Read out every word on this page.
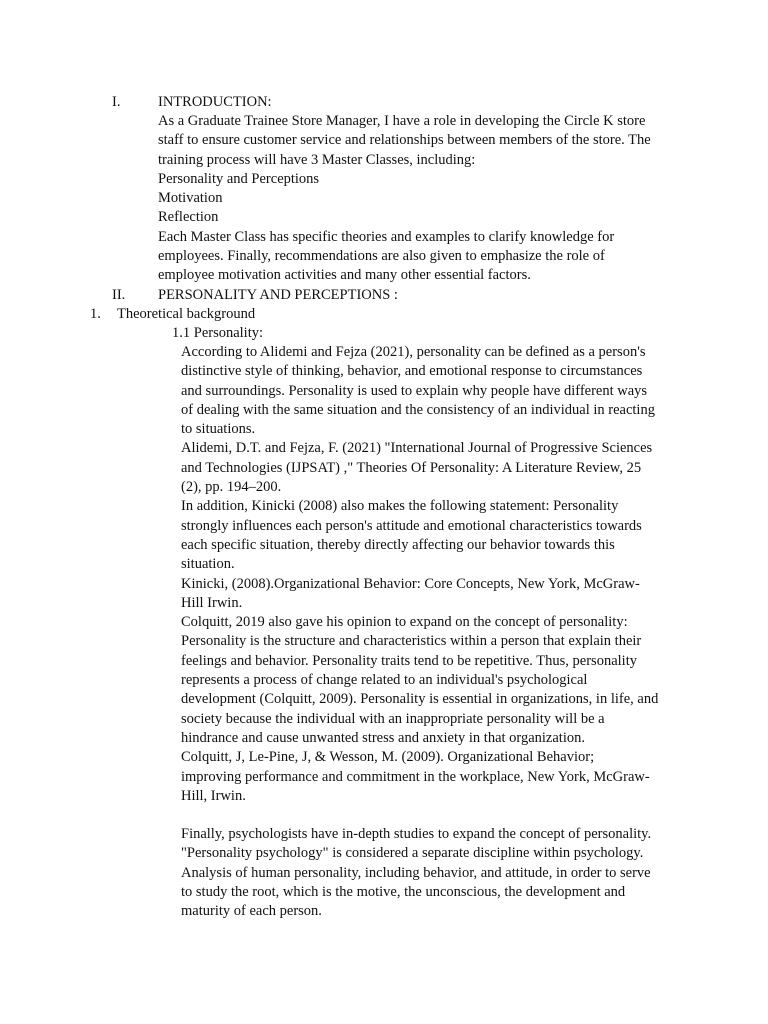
I.	INTRODUCTION:
As a Graduate Trainee Store Manager, I have a role in developing the Circle K store
staff to ensure customer service and relationships between members of the store. The
training process will have 3 Master Classes, including:
Personality and Perceptions
Motivation
Reflection
Each Master Class has specific theories and examples to clarify knowledge for
employees. Finally, recommendations are also given to emphasize the role of
employee motivation activities and many other essential factors.
II. PERSONALITY AND PERCEPTIONS :
1. Theoretical background
1.1 Personality:
According to Alidemi and Fejza (2021), personality can be defined as a person's
distinctive style of thinking, behavior, and emotional response to circumstances
and surroundings. Personality is used to explain why people have different ways
of dealing with the same situation and the consistency of an individual in reacting
to situations.
Alidemi, D.T. and Fejza, F. (2021) "International Journal of Progressive Sciences
and Technologies (IJPSAT) ," Theories Of Personality: A Literature Review, 25
(2), pp. 194–200.
In addition, Kinicki (2008) also makes the following statement: Personality
strongly influences each person's attitude and emotional characteristics towards
each specific situation, thereby directly affecting our behavior towards this
situation.
Kinicki, (2008).Organizational Behavior: Core Concepts, New York, McGraw-
Hill Irwin.
Colquitt, 2019 also gave his opinion to expand on the concept of personality:
Personality is the structure and characteristics within a person that explain their
feelings and behavior. Personality traits tend to be repetitive. Thus, personality
represents a process of change related to an individual's psychological
development (Colquitt, 2009). Personality is essential in organizations, in life, and
society because the individual with an inappropriate personality will be a
hindrance and cause unwanted stress and anxiety in that organization.
Colquitt, J, Le-Pine, J, & Wesson, M. (2009). Organizational Behavior;
improving performance and commitment in the workplace, New York, McGraw-
Hill, Irwin.
Finally, psychologists have in-depth studies to expand the concept of personality.
"Personality psychology" is considered a separate discipline within psychology.
Analysis of human personality, including behavior, and attitude, in order to serve
to study the root, which is the motive, the unconscious, the development and
maturity of each person.
